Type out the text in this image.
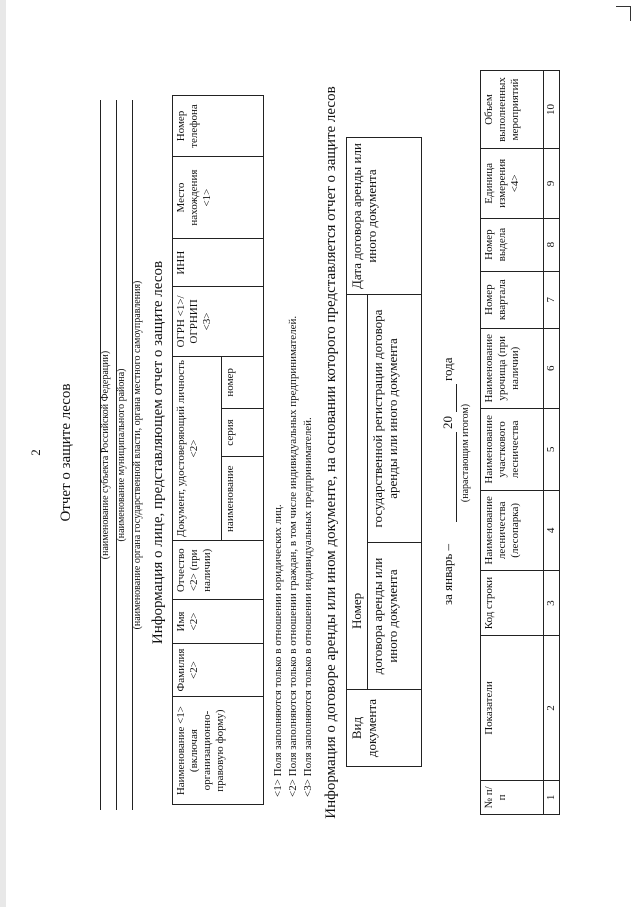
2 Отчет о защите лесов	(наименование субъекта Российской Федерации) (наименование муниципального района) (наименование органа государственной власти, органа местного самоуправления) Информация о лице, представляющем отчет о защите лесов
Наименование <1> (включая организационно-правовую форму)	Фамилия <2>	Имя <2>	Отчество <2> (при наличии)	Документ, удостоверяющий личность <2>			ОГРН <1>/ ОГРНИП <3>	ИНН	Место нахождения <1>	Номер телефона
				наименование	серия	номер				
<1> Поля заполняются только в отношении юридических лиц. <2> Поля заполняются только в отношении граждан, в том числе индивидуальных предпринимателей. <3> Поля заполняются только в отношении индивидуальных предпринимателей. Информация о договоре аренды или ином документе, на основании которого представляется отчет о защите лесов Вид документа	Номер		Дата договора аренды или иного документа
	договора аренды или иного документа	государственной регистрации договора аренды или иного документа	
за январь –
20
года
(нарастающим итогом)
№ п/п	Показатели	Код строки	Наименование лесничества (лесопарка)	Наименование участкового лесничества	Наименование урочища (при наличии)	Номер квартала	Номер выдела	Единица измерения <4>	Объем выполненных мероприятий
1	2	3	4	5	6	7	8	9	10
